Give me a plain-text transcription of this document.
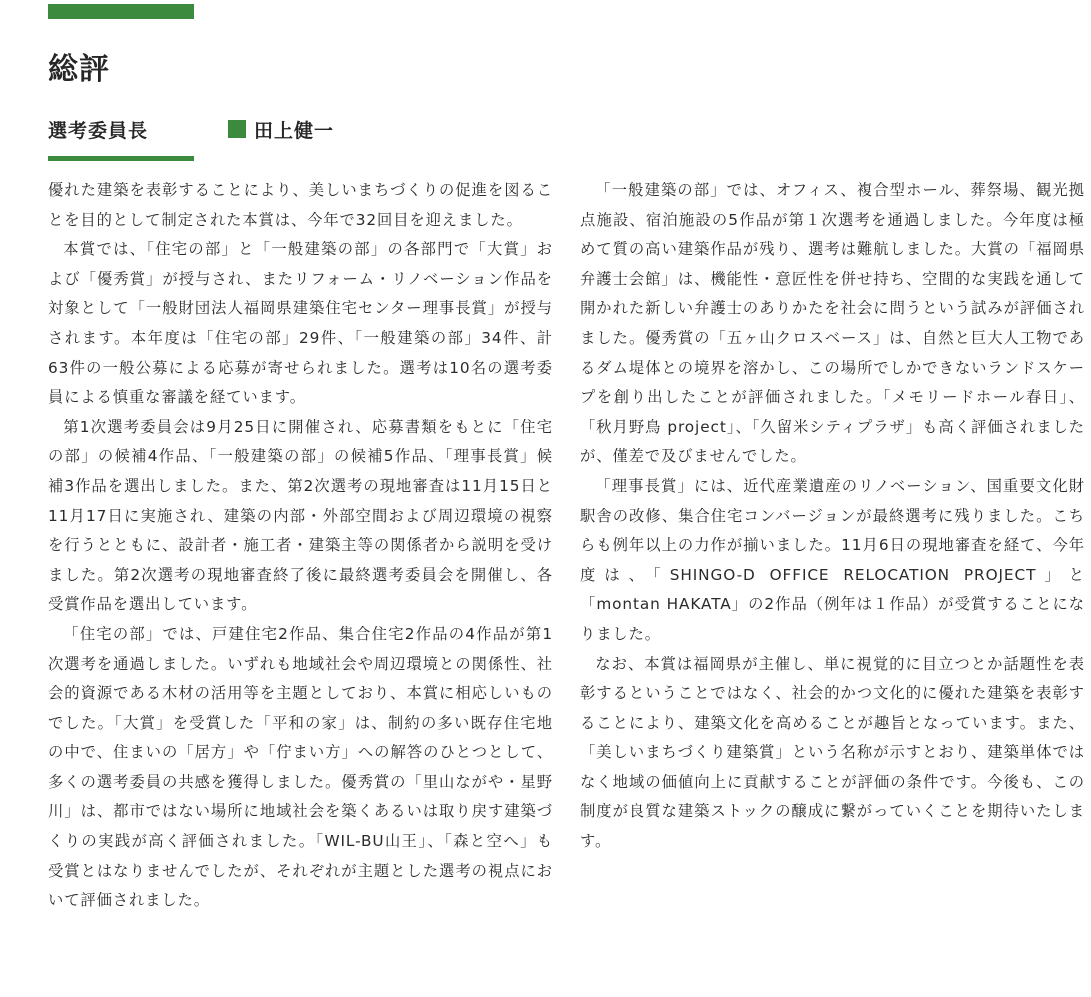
総評
選考委員長	田上健一

優れた建築を表彰することにより、美しいまちづくりの促進を図ることを目的として制定された本賞は、今年で32回目を迎えました。

本賞では、「住宅の部」と「一般建築の部」の各部門で「大賞」および「優秀賞」が授与され、またリフォーム・リノベーション作品を対象として「一般財団法人福岡県建築住宅センター理事長賞」が授与されます。本年度は「住宅の部」29件、「一般建築の部」34件、計63件の一般公募による応募が寄せられました。選考は10名の選考委員による慎重な審議を経ています。

第1次選考委員会は9月25日に開催され、応募書類をもとに「住宅の部」の候補4作品、「一般建築の部」の候補5作品、「理事長賞」候補3作品を選出しました。また、第2次選考の現地審査は11月15日と11月17日に実施され、建築の内部・外部空間および周辺環境の視察を行うとともに、設計者・施工者・建築主等の関係者から説明を受けました。第2次選考の現地審査終了後に最終選考委員会を開催し、各受賞作品を選出しています。

「住宅の部」では、戸建住宅2作品、集合住宅2作品の4作品が第1次選考を通過しました。いずれも地域社会や周辺環境との関係性、社会的資源である木材の活用等を主題としており、本賞に相応しいものでした。「大賞」を受賞した「平和の家」は、制約の多い既存住宅地の中で、住まいの「居方」や「佇まい方」への解答のひとつとして、多くの選考委員の共感を獲得しました。優秀賞の「里山ながや・星野川」は、都市ではない場所に地域社会を築くあるいは取り戻す建築づくりの実践が高く評価されました。「WIL-BU山王」、「森と空へ」も受賞とはなりませんでしたが、それぞれが主題とした選考の視点において評価されました。

「一般建築の部」では、オフィス、複合型ホール、葬祭場、観光拠点施設、宿泊施設の5作品が第１次選考を通過しました。今年度は極めて質の高い建築作品が残り、選考は難航しました。大賞の「福岡県弁護士会館」は、機能性・意匠性を併せ持ち、空間的な実践を通して開かれた新しい弁護士のありかたを社会に問うという試みが評価されました。優秀賞の「五ヶ山クロスベース」は、自然と巨大人工物であるダム堤体との境界を溶かし、この場所でしかできないランドスケープを創り出したことが評価されました。「メモリードホール春日」、「秋月野鳥 project」、「久留米シティプラザ」も高く評価されましたが、僅差で及びませんでした。

「理事長賞」には、近代産業遺産のリノベーション、国重要文化財駅舎の改修、集合住宅コンバージョンが最終選考に残りました。こちらも例年以上の力作が揃いました。11月6日の現地審査を経て、今年度は、「SHINGO-D OFFICE RELOCATION PROJECT」と「montan HAKATA」の2作品（例年は１作品）が受賞することになりました。

なお、本賞は福岡県が主催し、単に視覚的に目立つとか話題性を表彰するということではなく、社会的かつ文化的に優れた建築を表彰することにより、建築文化を高めることが趣旨となっています。また、「美しいまちづくり建築賞」という名称が示すとおり、建築単体ではなく地域の価値向上に貢献することが評価の条件です。今後も、この制度が良質な建築ストックの醸成に繋がっていくことを期待いたします。
